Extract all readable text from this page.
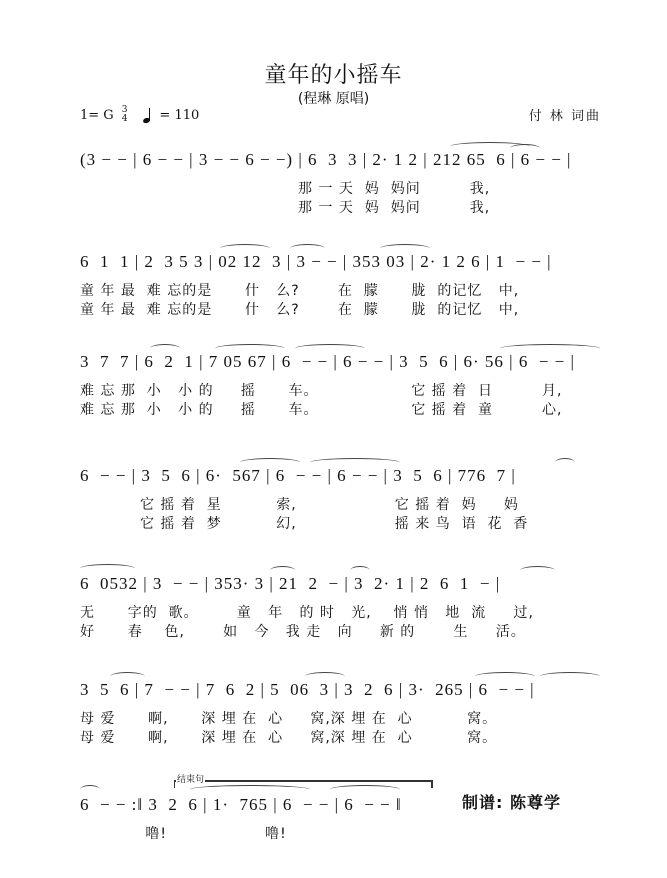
童年的小摇车
(程琳 原唱)
1= G 3
4 = 110	付 林 词曲
(3 − − | 6 − − | 3 − − 6 − −) | 6  3  3 | 2· 1 2 | 212 65  6 | 6 − − |
那 一 天  妈  妈问         我,
那 一 天  妈  妈问         我,
6  1  1 | 2  3 5 3 | 02 12  3 | 3 − − | 353 03 | 2· 1 2 6 | 1  − − |
童 年 最  难 忘的是      什   么?       在  朦      胧  的记忆   中,
童 年 最  难 忘的是      什   么?       在  朦      胧  的记忆   中,
3  7  7 | 6  2  1 | 7 05 67 | 6  − − | 6 − − | 3  5  6 | 6· 56 | 6  − − |
难 忘 那  小   小 的     摇      车。                 它 摇 着  日         月,
难 忘 那  小   小 的     摇      车。                 它 摇 着  童         心,
6  − − | 3  5  6 | 6·  567 | 6  − − | 6 − − | 3  5  6 | 776  7 |
它 摇 着  星          索,                  它 摇 着  妈     妈
它 摇 着  梦          幻,                  摇 来 鸟  语  花  香
6  0532 | 3  − − | 353· 3 | 21  2  − | 3  2· 1 | 2  6  1  − |
无      字的  歌。       童   年   的 时   光,    悄 悄   地  流     过,
好      春    色,       如   今   我 走   向     新 的       生     活。
3  5  6 | 7  − − | 7  6  2 | 5  06  3 | 3  2  6 | 3·  265 | 6  − − |
母 爱      啊,      深 埋 在  心     窝,深 埋 在  心          窝。
母 爱      啊,      深 埋 在  心     窝,深 埋 在  心          窝。
结束句
6  − − :‖ 3  2  6 | 1·  765 | 6  − − | 6  − − ‖
噜!                  噜!
制谱: 陈尊学
